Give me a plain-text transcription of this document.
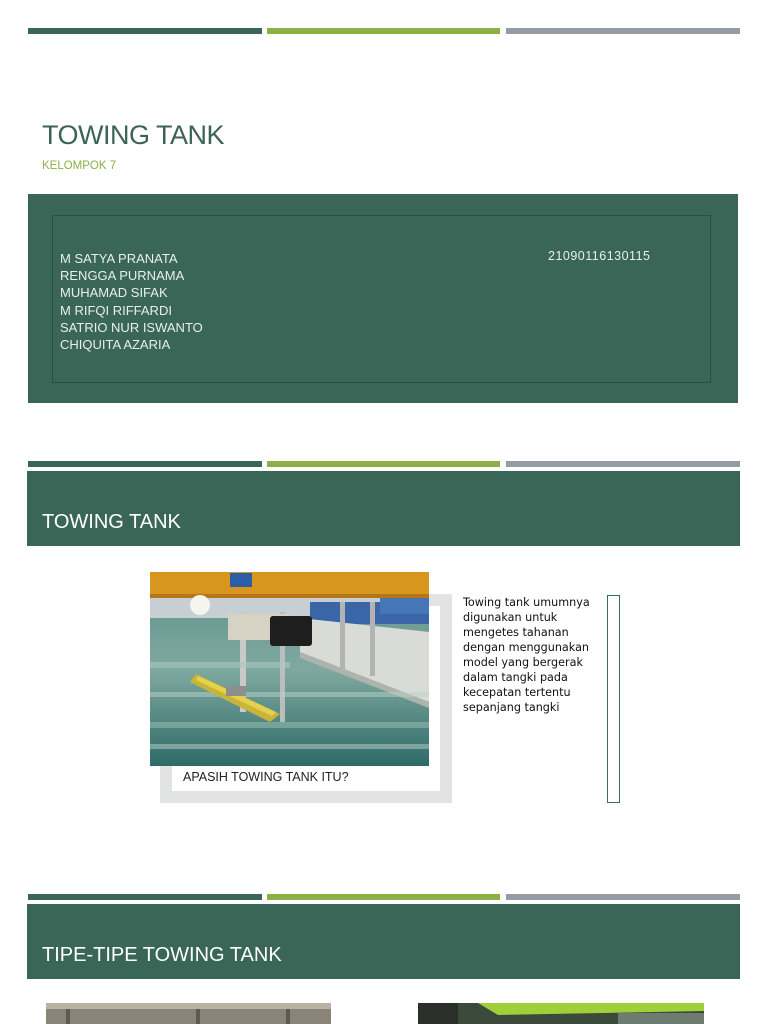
TOWING TANK
KELOMPOK 7
M SATYA PRANATA
RENGGA PURNAMA
MUHAMAD SIFAK
M RIFQI RIFFARDI
SATRIO NUR ISWANTO
CHIQUITA AZARIA
21090116130115
TOWING TANK
APASIH TOWING TANK ITU?

Towing tank umumnya digunakan untuk mengetes tahanan dengan menggunakan model yang bergerak dalam tangki pada kecepatan tertentu sepanjang tangki

TIPE-TIPE TOWING TANK
